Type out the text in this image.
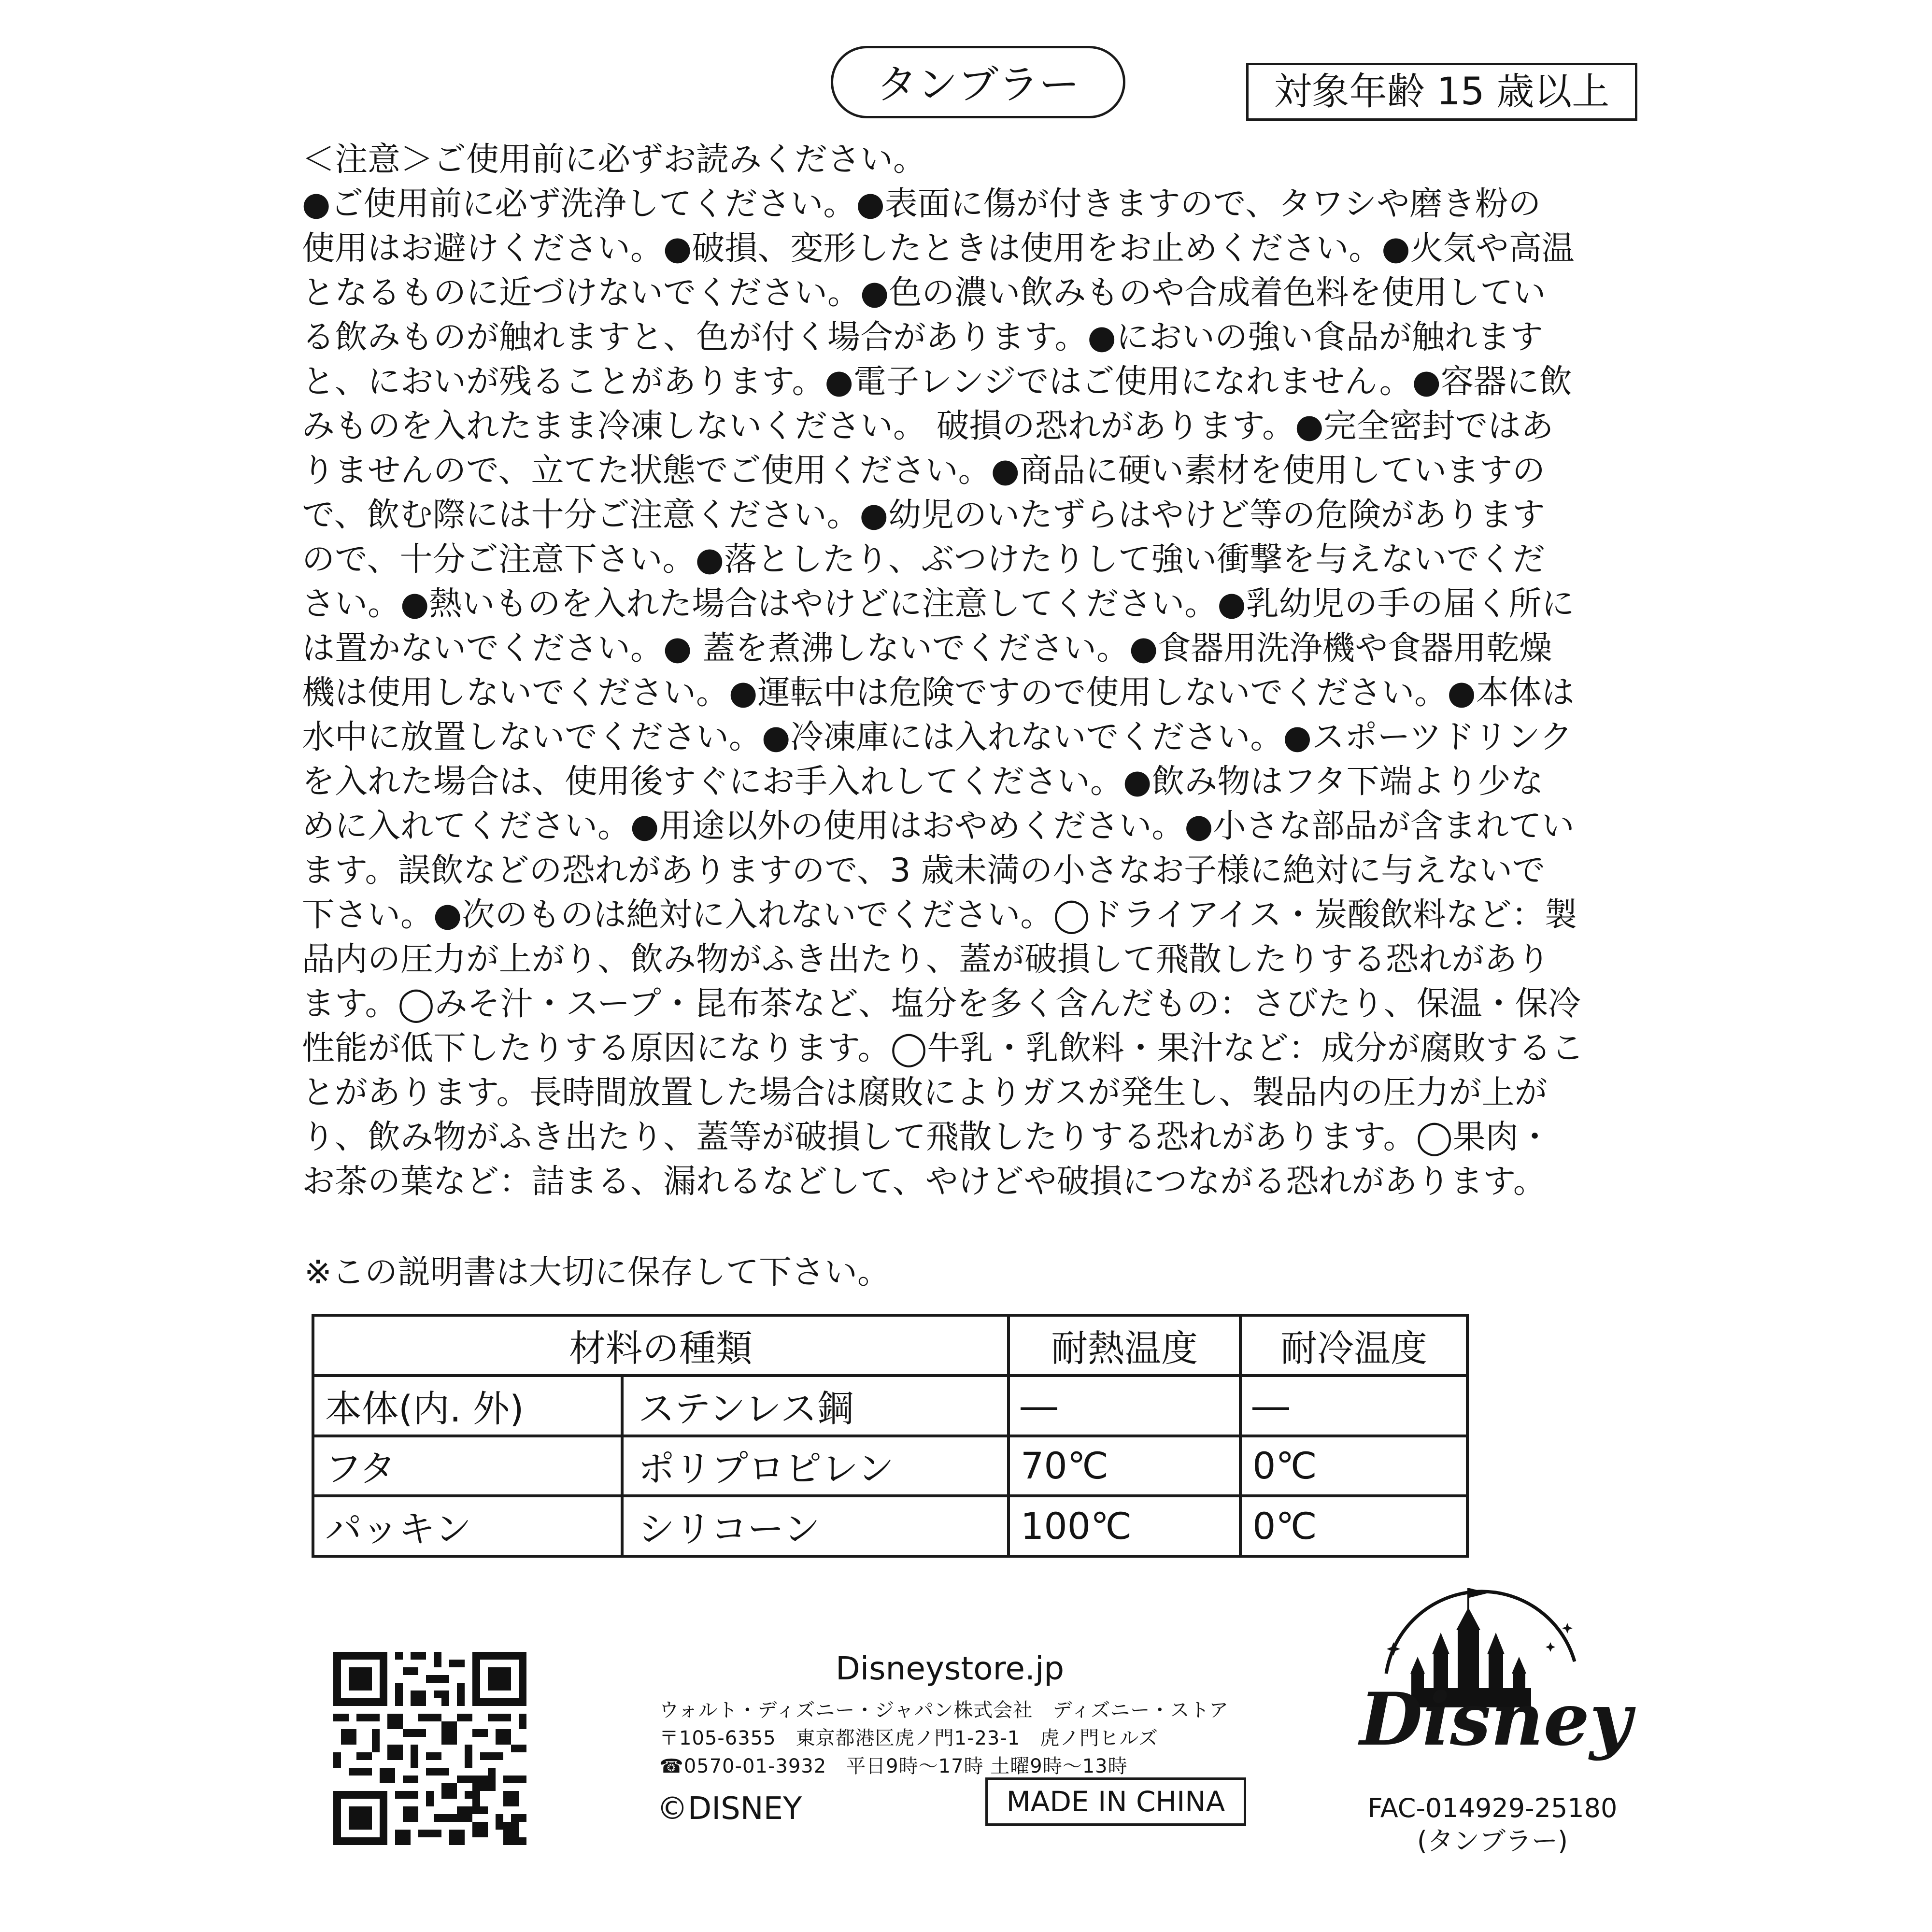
タンブラー	対象年齢 15 歳以上
＜注意＞ご使用前に必ずお読みください。
●ご使用前に必ず洗浄してください。●表面に傷が付きますので、タワシや磨き粉の
使用はお避けください。●破損、変形したときは使用をお止めください。●火気や高温
となるものに近づけないでください。●色の濃い飲みものや合成着色料を使用してい
る飲みものが触れますと、色が付く場合があります。●においの強い食品が触れます
と、においが残ることがあります。●電子レンジではご使用になれません。●容器に飲
みものを入れたまま冷凍しないください。 破損の恐れがあります。●完全密封ではあ
りませんので、立てた状態でご使用ください。●商品に硬い素材を使用していますの
で、飲む際には十分ご注意ください。●幼児のいたずらはやけど等の危険があります
ので、十分ご注意下さい。●落としたり、ぶつけたりして強い衝撃を与えないでくだ
さい。●熱いものを入れた場合はやけどに注意してください。●乳幼児の手の届く所に
は置かないでください。● 蓋を煮沸しないでください。●食器用洗浄機や食器用乾燥
機は使用しないでください。●運転中は危険ですので使用しないでください。●本体は
水中に放置しないでください。●冷凍庫には入れないでください。●スポーツドリンク
を入れた場合は、使用後すぐにお手入れしてください。●飲み物はフタ下端より少な
めに入れてください。●用途以外の使用はおやめください。●小さな部品が含まれてい
ます。誤飲などの恐れがありますので、3 歳未満の小さなお子様に絶対に与えないで
下さい。●次のものは絶対に入れないでください。◯ドライアイス・炭酸飲料など：製
品内の圧力が上がり、飲み物がふき出たり、蓋が破損して飛散したりする恐れがあり
ます。◯みそ汁・スープ・昆布茶など、塩分を多く含んだもの：さびたり、保温・保冷
性能が低下したりする原因になります。◯牛乳・乳飲料・果汁など：成分が腐敗するこ
とがあります。長時間放置した場合は腐敗によりガスが発生し、製品内の圧力が上が
り、飲み物がふき出たり、蓋等が破損して飛散したりする恐れがあります。◯果肉・
お茶の葉など：詰まる、漏れるなどして、やけどや破損につながる恐れがあります。
※この説明書は大切に保存して下さい。
材料の種類		耐熱温度	耐冷温度
本体(内. 外)	ステンレス鋼	―	―
フタ	ポリプロピレン	70℃	0℃
パッキン	シリコーン	100℃	0℃
Disneystore.jp
ウォルト・ディズニー・ジャパン株式会社　ディズニー・ストア
〒105-6355　東京都港区虎ノ門1-23-1　虎ノ門ヒルズ
☎0570-01-3932　平日9時～17時 土曜9時～13時
©DISNEY	MADE IN CHINA
Disney
FAC-014929-25180
(タンブラー)
